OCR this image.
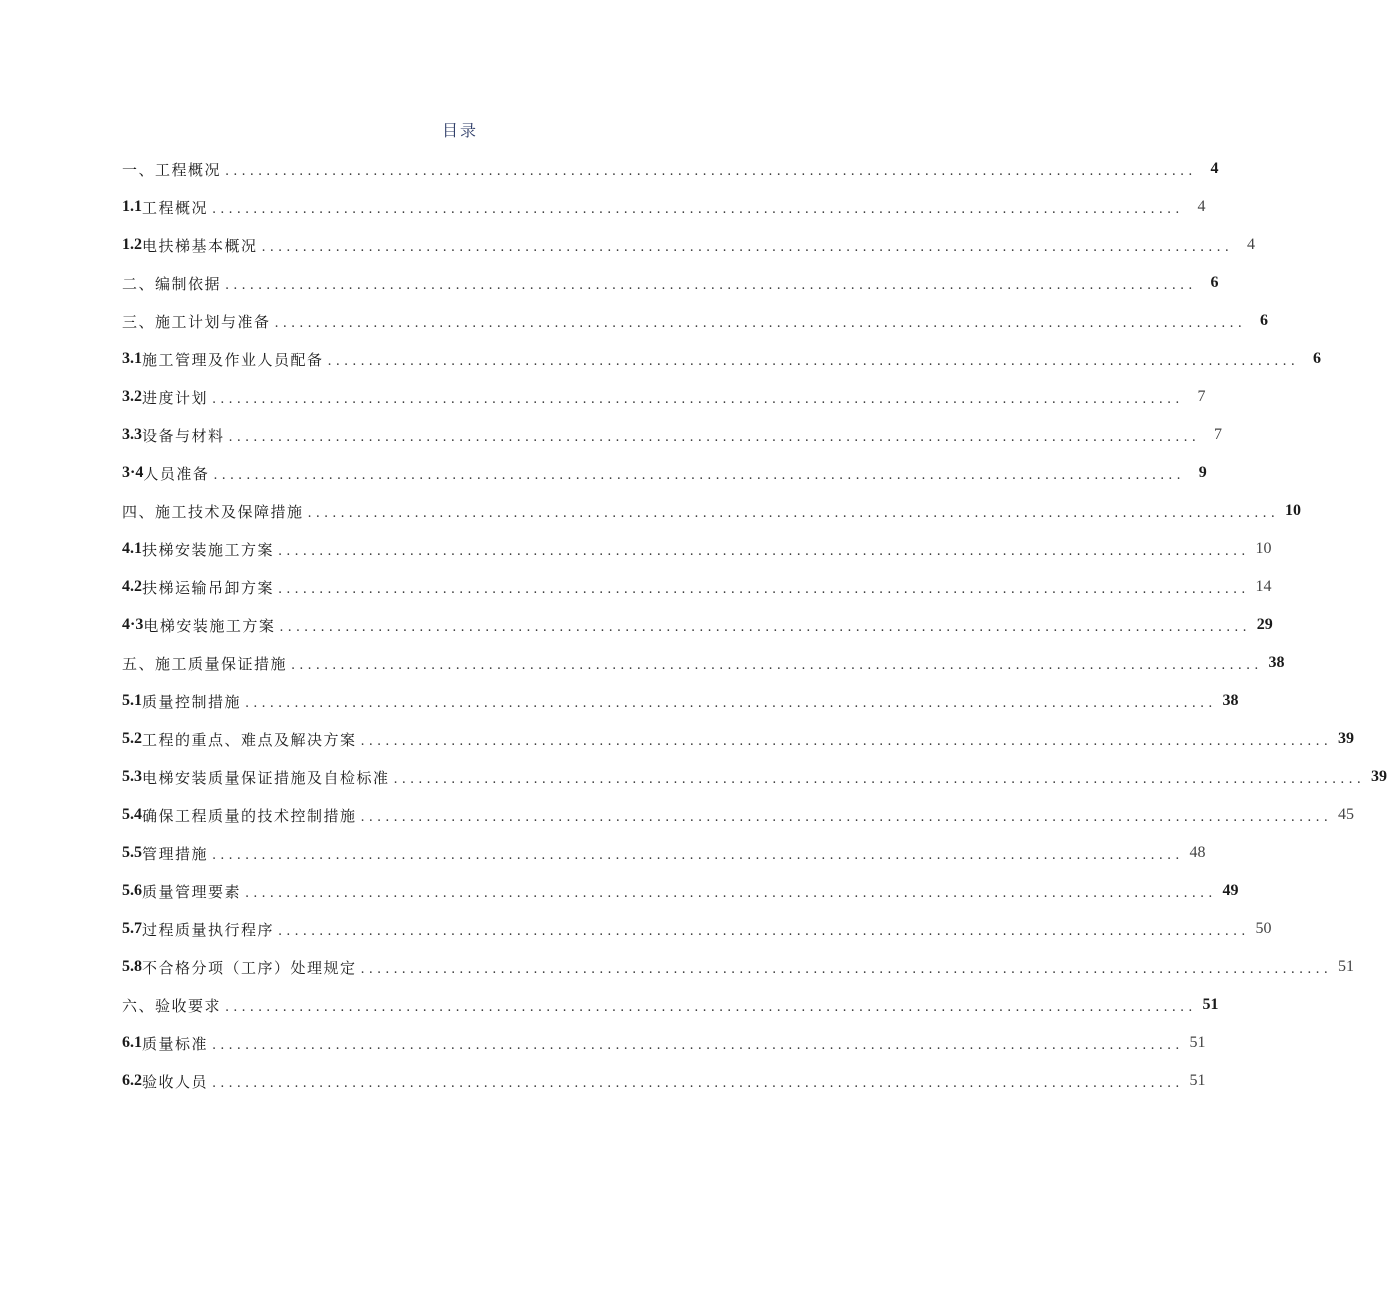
目录
一、工程概况 ...................................................................................................................... 4
1.1 工程概况 ...................................................................................................................... 4
1.2 电扶梯基本概况 ...................................................................................................................... 4
二、编制依据 ...................................................................................................................... 6
三、施工计划与准备 ...................................................................................................................... 6
3.1 施工管理及作业人员配备 ...................................................................................................................... 6
3.2 进度计划 ...................................................................................................................... 7
3.3 设备与材料 ...................................................................................................................... 7
3·4 人员准备 ...................................................................................................................... 9
四、施工技术及保障措施 ...................................................................................................................... 10
4.1 扶梯安装施工方案 ...................................................................................................................... 10
4.2 扶梯运输吊卸方案 ...................................................................................................................... 14
4·3 电梯安装施工方案 ...................................................................................................................... 29
五、施工质量保证措施 ...................................................................................................................... 38
5.1 质量控制措施 ...................................................................................................................... 38
5.2 工程的重点、难点及解决方案 ...................................................................................................................... 39
5.3 电梯安装质量保证措施及自检标准 ...................................................................................................................... 39
5.4 确保工程质量的技术控制措施 ...................................................................................................................... 45
5.5 管理措施 ...................................................................................................................... 48
5.6 质量管理要素 ...................................................................................................................... 49
5.7 过程质量执行程序 ...................................................................................................................... 50
5.8 不合格分项（工序）处理规定 ...................................................................................................................... 51
六、验收要求 ...................................................................................................................... 51
6.1 质量标准 ...................................................................................................................... 51
6.2 验收人员 ...................................................................................................................... 51
